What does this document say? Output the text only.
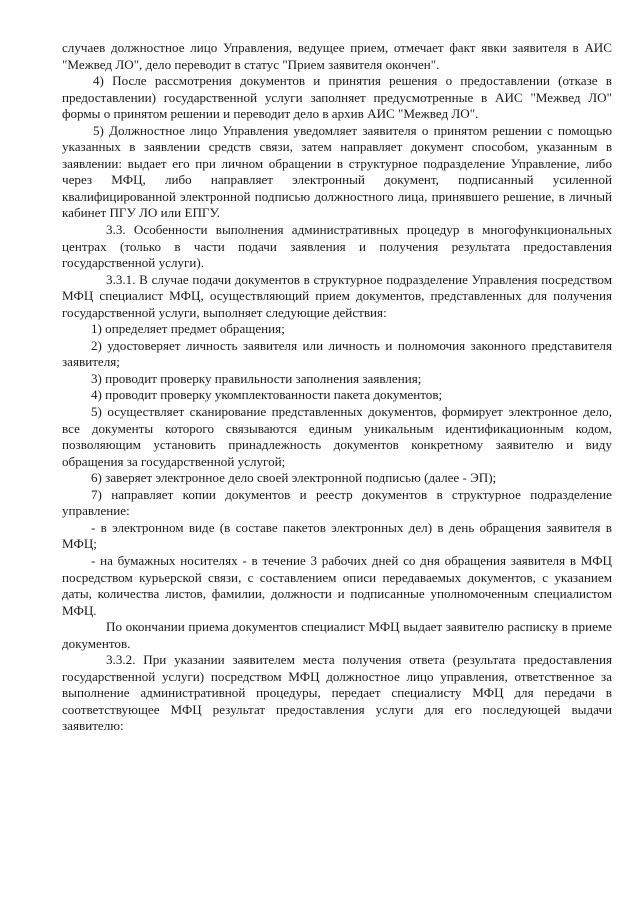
случаев должностное лицо Управления, ведущее прием, отмечает факт явки заявителя в АИС "Межвед ЛО", дело переводит в статус "Прием заявителя окончен".

4) После рассмотрения документов и принятия решения о предоставлении (отказе в предоставлении) государственной услуги заполняет предусмотренные в АИС "Межвед ЛО" формы о принятом решении и переводит дело в архив АИС "Межвед ЛО".

5) Должностное лицо Управления уведомляет заявителя о принятом решении с помощью указанных в заявлении средств связи, затем направляет документ способом, указанным в заявлении: выдает его при личном обращении в структурное подразделение Управление, либо через МФЦ, либо направляет электронный документ, подписанный усиленной квалифицированной электронной подписью должностного лица, принявшего решение, в личный кабинет ПГУ ЛО или ЕПГУ.

3.3. Особенности выполнения административных процедур в многофункциональных центрах (только в части подачи заявления и получения результата предоставления государственной услуги).

3.3.1. В случае подачи документов в структурное подразделение Управления посредством МФЦ специалист МФЦ, осуществляющий прием документов, представленных для получения государственной услуги, выполняет следующие действия:

1) определяет предмет обращения;

2) удостоверяет личность заявителя или личность и полномочия законного представителя заявителя;

3) проводит проверку правильности заполнения заявления;

4) проводит проверку укомплектованности пакета документов;

5) осуществляет сканирование представленных документов, формирует электронное дело, все документы которого связываются единым уникальным идентификационным кодом, позволяющим установить принадлежность документов конкретному заявителю и виду обращения за государственной услугой;

6) заверяет электронное дело своей электронной подписью (далее - ЭП);

7) направляет копии документов и реестр документов в структурное подразделение управление:

- в электронном виде (в составе пакетов электронных дел) в день обращения заявителя в МФЦ;

- на бумажных носителях - в течение 3 рабочих дней со дня обращения заявителя в МФЦ посредством курьерской связи, с составлением описи передаваемых документов, с указанием даты, количества листов, фамилии, должности и подписанные уполномоченным специалистом МФЦ.

По окончании приема документов специалист МФЦ выдает заявителю расписку в приеме документов.

3.3.2. При указании заявителем места получения ответа (результата предоставления государственной услуги) посредством МФЦ должностное лицо управления, ответственное за выполнение административной процедуры, передает специалисту МФЦ для передачи в соответствующее МФЦ результат предоставления услуги для его последующей выдачи заявителю:
